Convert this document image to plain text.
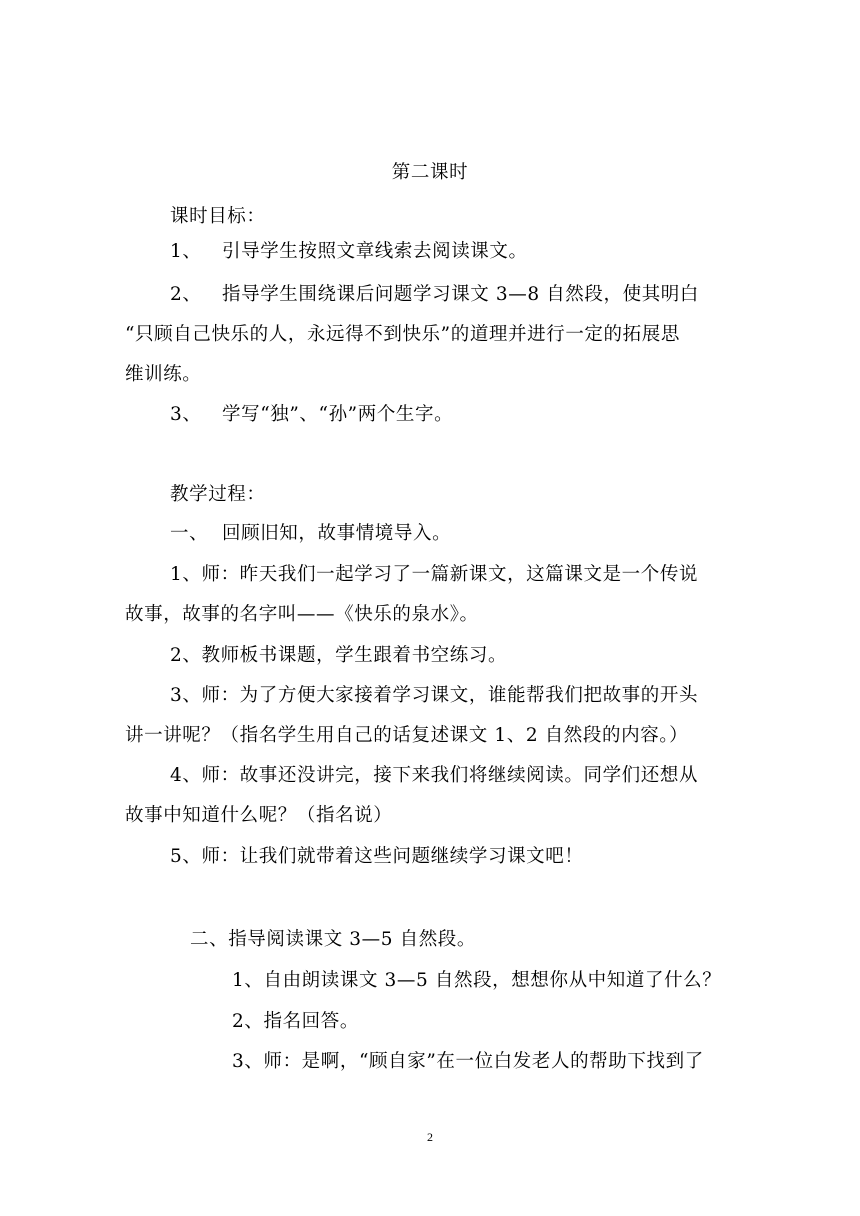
第二课时
课时目标：
1、 引导学生按照文章线索去阅读课文。
2、 指导学生围绕课后问题学习课文 3—8 自然段，使其明白
“只顾自己快乐的人，永远得不到快乐”的道理并进行一定的拓展思
维训练。
3、 学写“独”、“孙”两个生字。
教学过程：
一、 回顾旧知，故事情境导入。
1、师：昨天我们一起学习了一篇新课文，这篇课文是一个传说
故事，故事的名字叫——《快乐的泉水》。
2、教师板书课题，学生跟着书空练习。
3、师：为了方便大家接着学习课文，谁能帮我们把故事的开头
讲一讲呢？（指名学生用自己的话复述课文 1、2 自然段的内容。）
4、师：故事还没讲完，接下来我们将继续阅读。同学们还想从
故事中知道什么呢？（指名说）
5、师：让我们就带着这些问题继续学习课文吧！
二、指导阅读课文 3—5 自然段。
1、自由朗读课文 3—5 自然段，想想你从中知道了什么？
2、指名回答。
3、师：是啊，“顾自家”在一位白发老人的帮助下找到了
2
